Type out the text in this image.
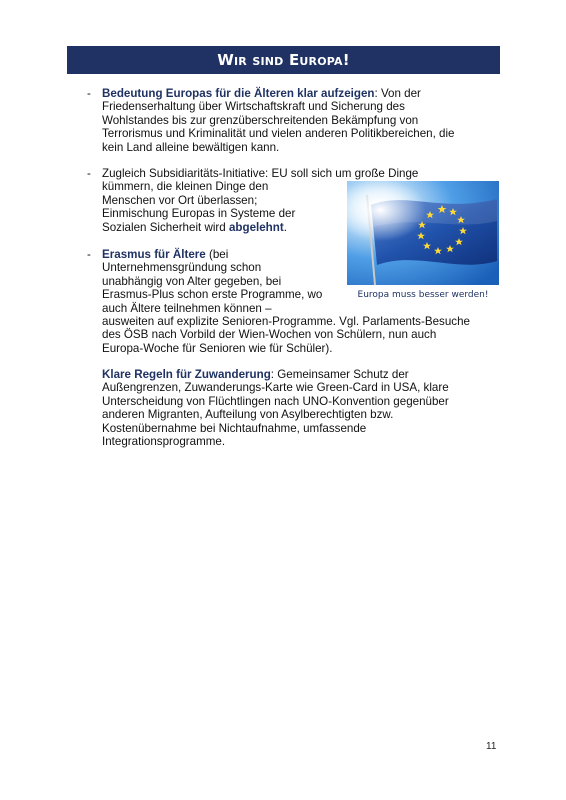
Wir sind Europa!
- Bedeutung Europas für die Älteren klar aufzeigen: Von der
Friedenserhaltung über Wirtschaftskraft und Sicherung des
Wohlstandes bis zur grenzüberschreitenden Bekämpfung von
Terrorismus und Kriminalität und vielen anderen Politikbereichen, die
kein Land alleine bewältigen kann.
- Zugleich Subsidiaritäts-Initiative: EU soll sich um große Dinge
kümmern, die kleinen Dinge den
Menschen vor Ort überlassen;
Einmischung Europas in Systeme der
Sozialen Sicherheit wird abgelehnt.
- Erasmus für Ältere (bei
Unternehmensgründung schon
unabhängig von Alter gegeben, bei
Erasmus-Plus schon erste Programme, wo
auch Ältere teilnehmen können –
ausweiten auf explizite Senioren-Programme. Vgl. Parlaments-Besuche
des ÖSB nach Vorbild der Wien-Wochen von Schülern, nun auch
Europa-Woche für Senioren wie für Schüler).
Klare Regeln für Zuwanderung: Gemeinsamer Schutz der
Außengrenzen, Zuwanderungs-Karte wie Green-Card in USA, klare
Unterscheidung von Flüchtlingen nach UNO-Konvention gegenüber
anderen Migranten, Aufteilung von Asylberechtigten bzw.
Kostenübernahme bei Nichtaufnahme, umfassende
Integrationsprogramme.
Europa muss besser werden!
11
